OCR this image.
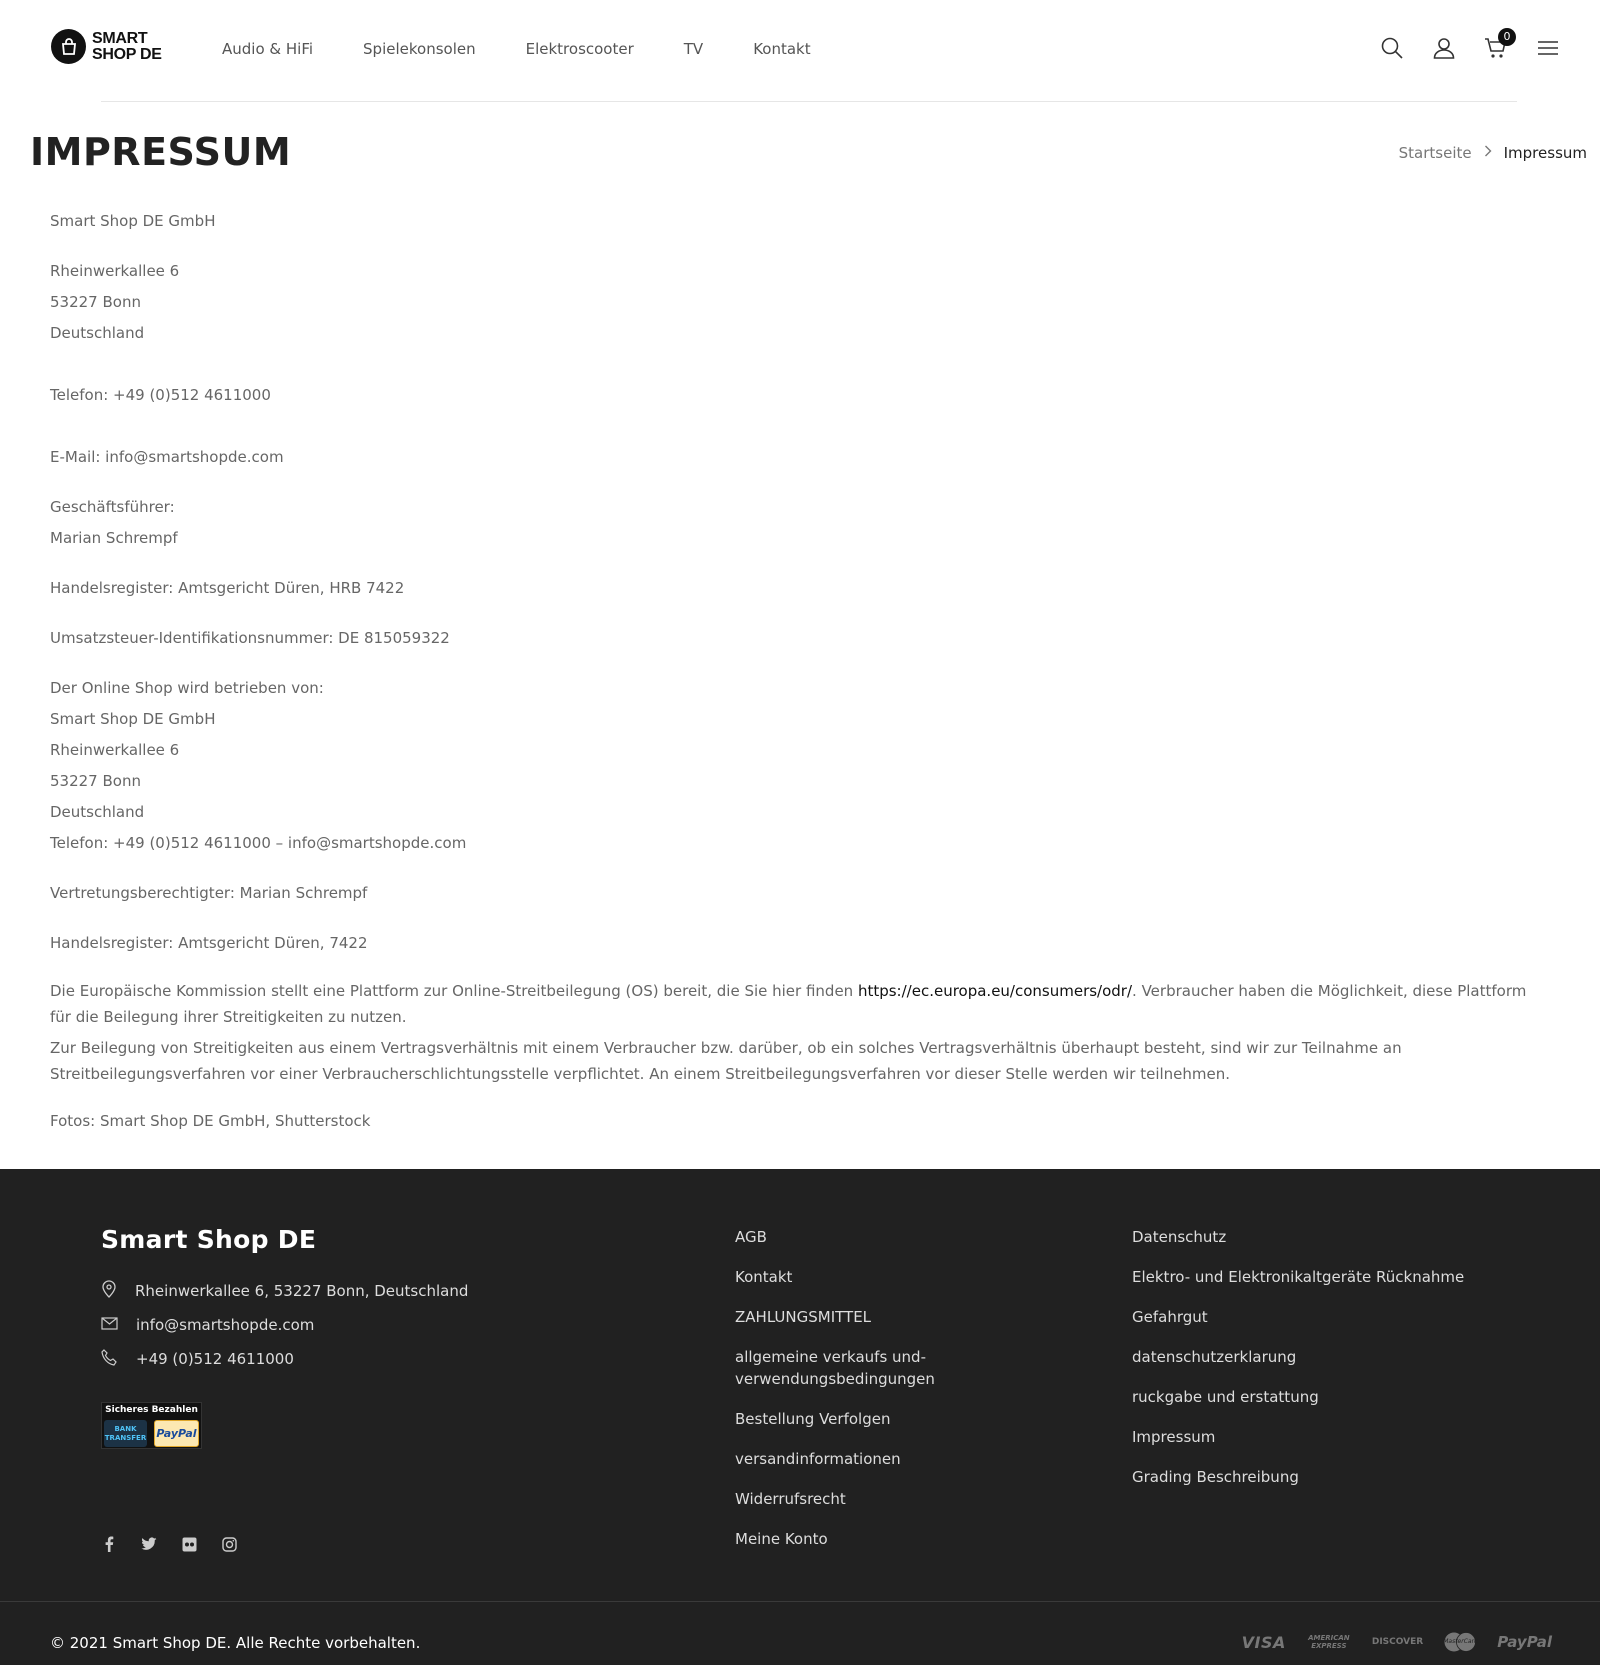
SMART
SHOP DE	Audio & HiFi	Spielekonsolen	Elektroscooter	TV	Kontakt
0
IMPRESSUM	Startseite Impressum

Smart Shop DE GmbH

Rheinwerkallee 6
53227 Bonn
Deutschland

Telefon: +49 (0)512 4611000

E-Mail: info@smartshopde.com

Geschäftsführer:
Marian Schrempf

Handelsregister: Amtsgericht Düren, HRB 7422

Umsatzsteuer-Identifikationsnummer: DE 815059322

Der Online Shop wird betrieben von:
Smart Shop DE GmbH
Rheinwerkallee 6
53227 Bonn
Deutschland
Telefon: +49 (0)512 4611000 – info@smartshopde.com

Vertretungsberechtigter: Marian Schrempf

Handelsregister: Amtsgericht Düren, 7422

Die Europäische Kommission stellt eine Plattform zur Online-Streitbeilegung (OS) bereit, die Sie hier finden https://ec.europa.eu/consumers/odr/. Verbraucher haben die Möglichkeit, diese Plattform für die Beilegung ihrer Streitigkeiten zu nutzen.

Zur Beilegung von Streitigkeiten aus einem Vertragsverhältnis mit einem Verbraucher bzw. darüber, ob ein solches Vertragsverhältnis überhaupt besteht, sind wir zur Teilnahme an Streitbeilegungsverfahren vor einer Verbraucherschlichtungsstelle verpflichtet. An einem Streitbeilegungsverfahren vor dieser Stelle werden wir teilnehmen.

Fotos: Smart Shop DE GmbH, Shutterstock

Smart Shop DE
Rheinwerkallee 6, 53227 Bonn, Deutschland
info@smartshopde.com
+49 (0)512 4611000
Sicheres Bezahlen
BANK TRANSFER PayPal
AGB
Kontakt
ZAHLUNGSMITTEL
allgemeine verkaufs und-verwendungsbedingungen
Bestellung Verfolgen
versandinformationen
Widerrufsrecht
Meine Konto
Datenschutz
Elektro- und Elektronikaltgeräte Rücknahme
Gefahrgut
datenschutzerklarung
ruckgabe und erstattung
Impressum
Grading Beschreibung
© 2021 Smart Shop DE. Alle Rechte vorbehalten.	VISA	AMERICAN EXPRESS	DISCOVER	MasterCard PayPal
